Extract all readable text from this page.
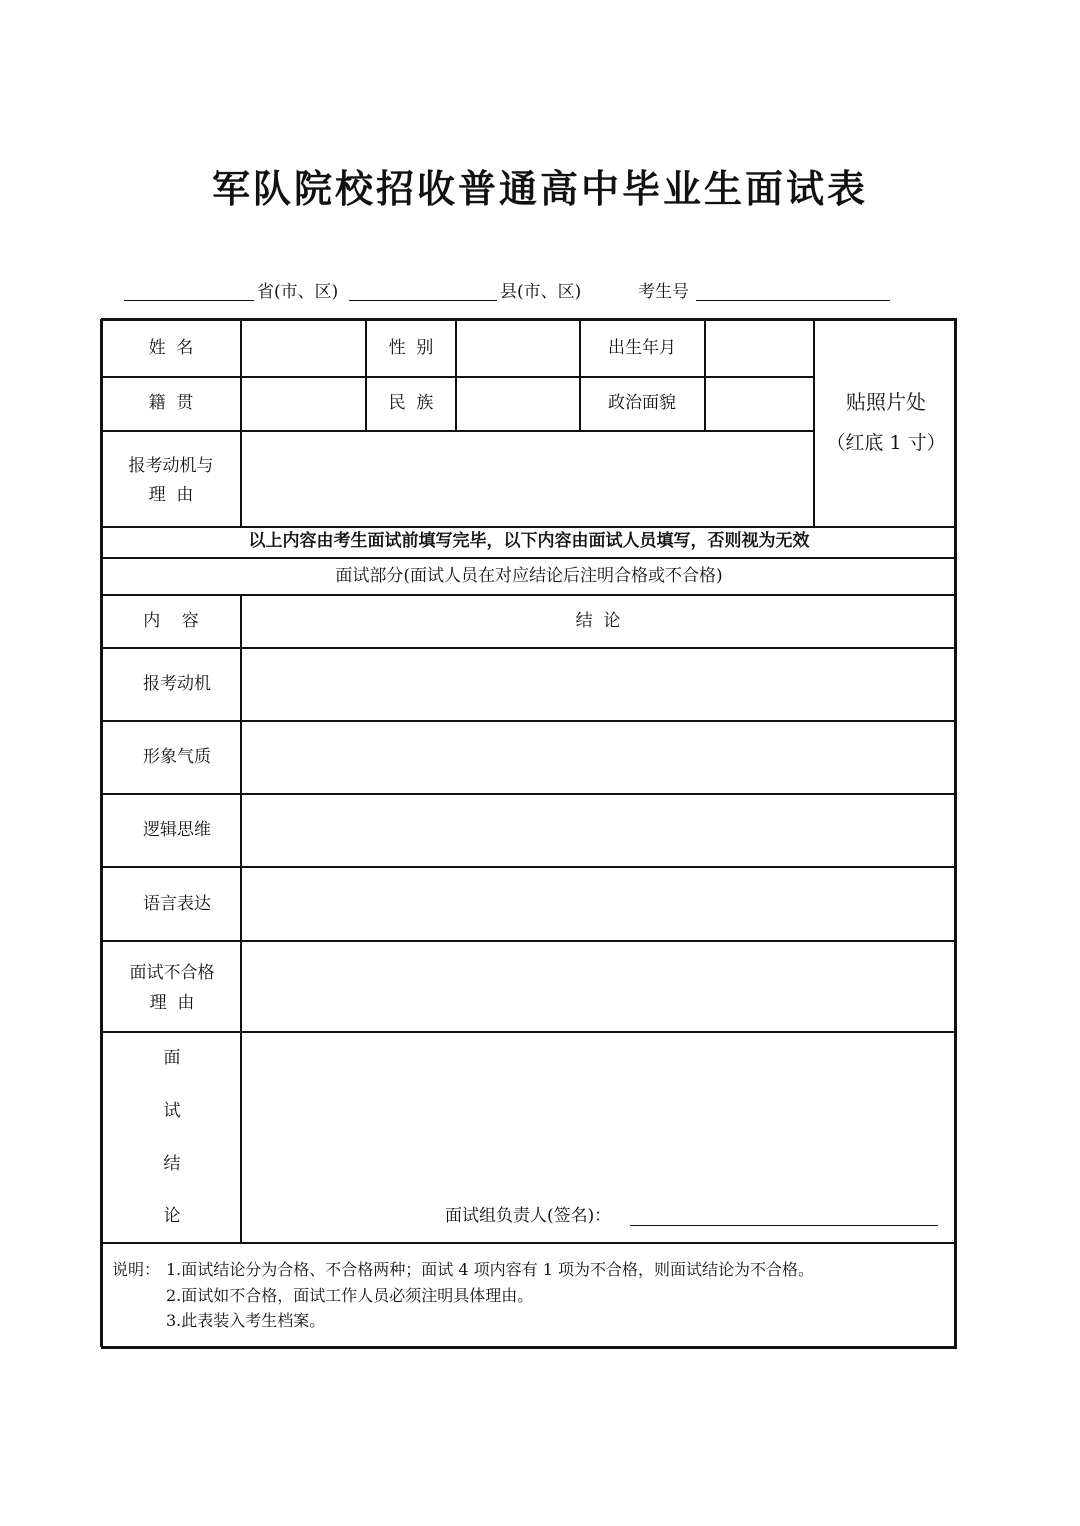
军队院校招收普通高中毕业生面试表
省(市、区)	县(市、区)	考生号
姓  名	性  别	出生年月
籍  贯	民  族	政治面貌
报考动机与
理  由
贴照片处
（红底 1 寸）
以上内容由考生面试前填写完毕，以下内容由面试人员填写，否则视为无效
面试部分(面试人员在对应结论后注明合格或不合格)
内    容	结  论
报考动机
形象气质
逻辑思维
语言表达
面试不合格
理  由
面
试
结
论	面试组负责人(签名)：
说明： 1.面试结论分为合格、不合格两种；面试 4 项内容有 1 项为不合格，则面试结论为不合格。
2.面试如不合格，面试工作人员必须注明具体理由。
3.此表装入考生档案。
